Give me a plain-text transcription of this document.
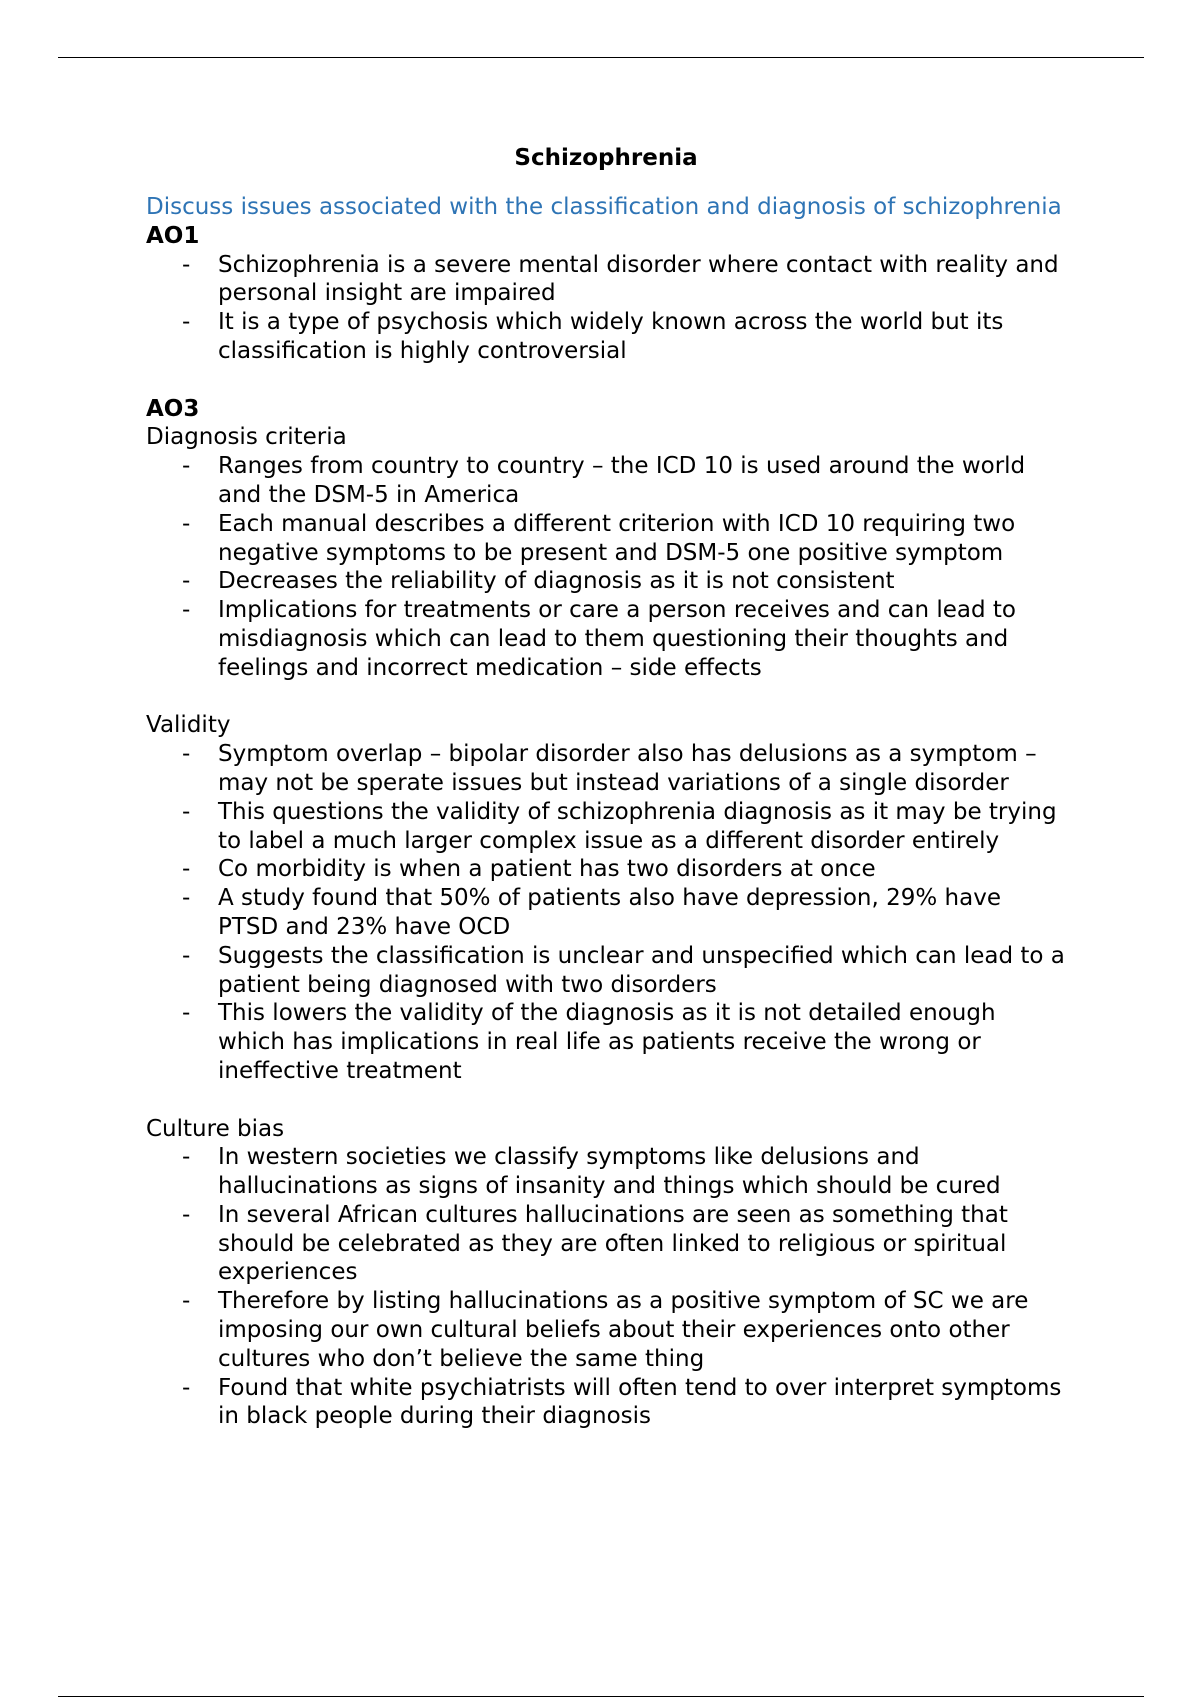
Schizophrenia

Discuss issues associated with the classification and diagnosis of schizophrenia

AO1

- Schizophrenia is a severe mental disorder where contact with reality and personal insight are impaired
- It is a type of psychosis which widely known across the world but its classification is highly controversial

AO3

Diagnosis criteria

- Ranges from country to country – the ICD 10 is used around the world and the DSM-5 in America
- Each manual describes a different criterion with ICD 10 requiring two negative symptoms to be present and DSM-5 one positive symptom
- Decreases the reliability of diagnosis as it is not consistent
- Implications for treatments or care a person receives and can lead to misdiagnosis which can lead to them questioning their thoughts and feelings and incorrect medication – side effects

Validity

- Symptom overlap – bipolar disorder also has delusions as a symptom – may not be sperate issues but instead variations of a single disorder
- This questions the validity of schizophrenia diagnosis as it may be trying to label a much larger complex issue as a different disorder entirely
- Co morbidity is when a patient has two disorders at once
- A study found that 50% of patients also have depression, 29% have PTSD and 23% have OCD
- Suggests the classification is unclear and unspecified which can lead to a patient being diagnosed with two disorders
- This lowers the validity of the diagnosis as it is not detailed enough which has implications in real life as patients receive the wrong or ineffective treatment

Culture bias

- In western societies we classify symptoms like delusions and hallucinations as signs of insanity and things which should be cured
- In several African cultures hallucinations are seen as something that should be celebrated as they are often linked to religious or spiritual experiences
- Therefore by listing hallucinations as a positive symptom of SC we are imposing our own cultural beliefs about their experiences onto other cultures who don’t believe the same thing
- Found that white psychiatrists will often tend to over interpret symptoms in black people during their diagnosis
